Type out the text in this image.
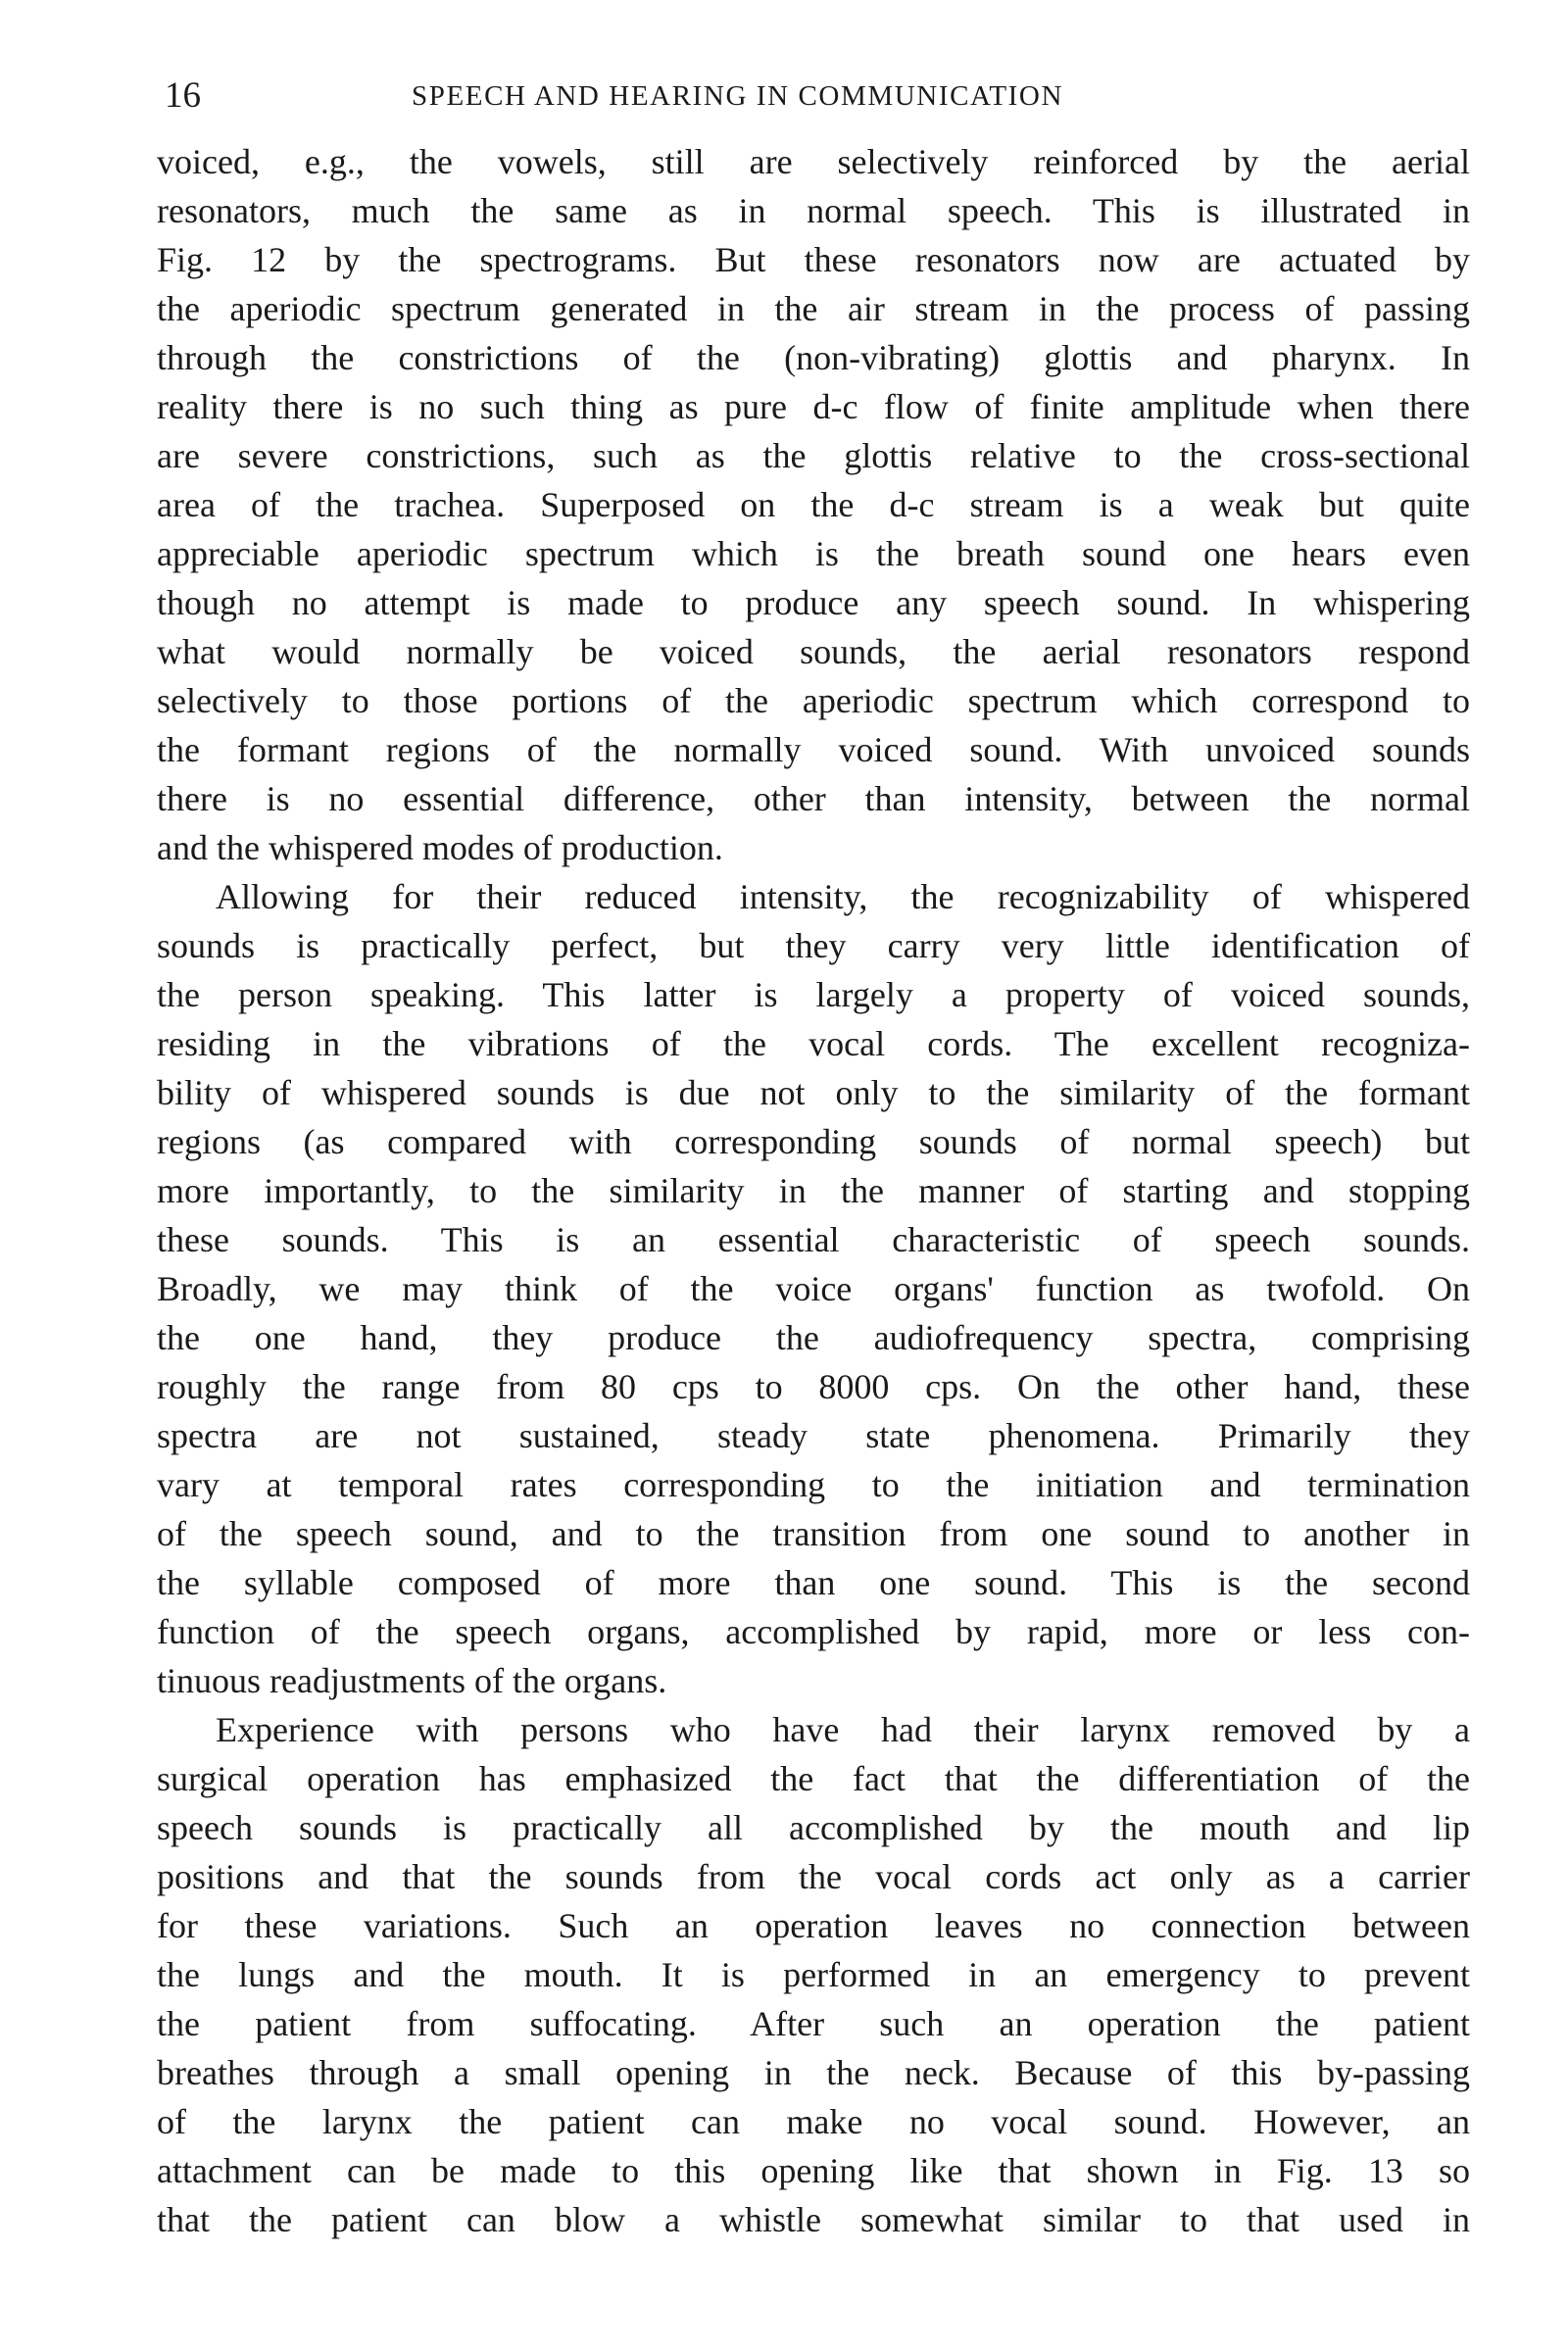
16	SPEECH AND HEARING IN COMMUNICATION
voiced, e.g., the vowels, still are selectively reinforced by the aerial
resonators, much the same as in normal speech. This is illustrated in
Fig. 12 by the spectrograms. But these resonators now are actuated by
the aperiodic spectrum generated in the air stream in the process of passing
through the constrictions of the (non-vibrating) glottis and pharynx. In
reality there is no such thing as pure d-c flow of finite amplitude when there
are severe constrictions, such as the glottis relative to the cross-sectional
area of the trachea. Superposed on the d-c stream is a weak but quite
appreciable aperiodic spectrum which is the breath sound one hears even
though no attempt is made to produce any speech sound. In whispering
what would normally be voiced sounds, the aerial resonators respond
selectively to those portions of the aperiodic spectrum which correspond to
the formant regions of the normally voiced sound. With unvoiced sounds
there is no essential difference, other than intensity, between the normal
and the whispered modes of production.
Allowing for their reduced intensity, the recognizability of whispered
sounds is practically perfect, but they carry very little identification of
the person speaking. This latter is largely a property of voiced sounds,
residing in the vibrations of the vocal cords. The excellent recogniza-
bility of whispered sounds is due not only to the similarity of the formant
regions (as compared with corresponding sounds of normal speech) but
more importantly, to the similarity in the manner of starting and stopping
these sounds. This is an essential characteristic of speech sounds.
Broadly, we may think of the voice organs' function as twofold. On
the one hand, they produce the audiofrequency spectra, comprising
roughly the range from 80 cps to 8000 cps. On the other hand, these
spectra are not sustained, steady state phenomena. Primarily they
vary at temporal rates corresponding to the initiation and termination
of the speech sound, and to the transition from one sound to another in
the syllable composed of more than one sound. This is the second
function of the speech organs, accomplished by rapid, more or less con-
tinuous readjustments of the organs.
Experience with persons who have had their larynx removed by a
surgical operation has emphasized the fact that the differentiation of the
speech sounds is practically all accomplished by the mouth and lip
positions and that the sounds from the vocal cords act only as a carrier
for these variations. Such an operation leaves no connection between
the lungs and the mouth. It is performed in an emergency to prevent
the patient from suffocating. After such an operation the patient
breathes through a small opening in the neck. Because of this by-passing
of the larynx the patient can make no vocal sound. However, an
attachment can be made to this opening like that shown in Fig. 13 so
that the patient can blow a whistle somewhat similar to that used in
